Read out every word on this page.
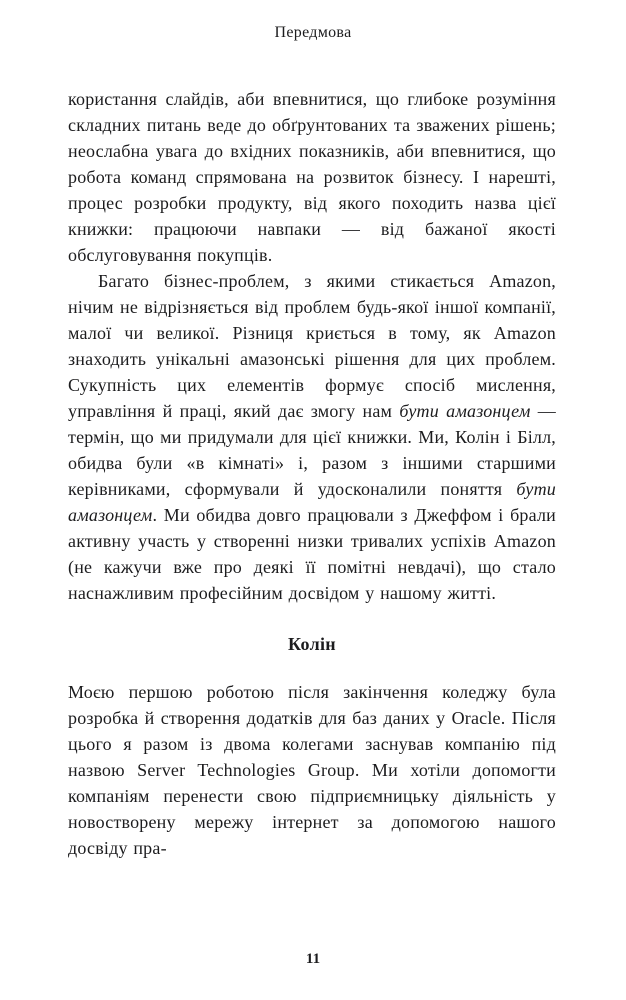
Передмова

користання слайдів, аби впевнитися, що глибоке розуміння складних питань веде до обґрунтованих та зважених рішень; неослабна увага до вхідних показників, аби впевнитися, що робота команд спрямована на розвиток бізнесу. І нарешті, процес розробки продукту, від якого походить назва цієї книжки: працюючи навпаки — від бажаної якості обслуговування покупців.

Багато бізнес-проблем, з якими стикається Amazon, нічим не відрізняється від проблем будь-якої іншої компанії, малої чи великої. Різниця криється в тому, як Amazon знаходить унікальні амазонські рішення для цих проблем. Сукупність цих елементів формує спосіб мислення, управління й праці, який дає змогу нам бути амазонцем — термін, що ми придумали для цієї книжки. Ми, Колін і Білл, обидва були «в кімнаті» і, разом з іншими старшими керівниками, сформували й удосконалили поняття бути амазонцем. Ми обидва довго працювали з Джеффом і брали активну участь у створенні низки тривалих успіхів Amazon (не кажучи вже про деякі її помітні невдачі), що стало наснажливим професійним досвідом у нашому житті.

Колін

Моєю першою роботою після закінчення коледжу була розробка й створення додатків для баз даних у Oracle. Після цього я разом із двома колегами заснував компанію під назвою Server Technologies Group. Ми хотіли допомогти компаніям перенести свою підприємницьку діяльність у новостворену мережу інтернет за допомогою нашого досвіду пра-

11
